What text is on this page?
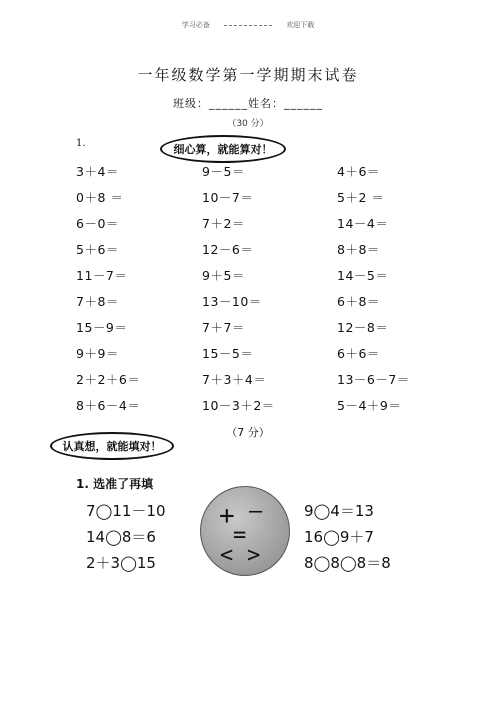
学习必备	欢迎下载
一年级数学第一学期期末试卷
班级：______姓名：______
（30 分）
1.	细心算，就能算对！
3＋4＝
0＋8 ＝
6－0＝
5＋6＝
11－7＝
7＋8＝
15－9＝
9＋9＝
2＋2＋6＝
8＋6－4＝
9－5＝
10－7＝
7＋2＝
12－6＝
9＋5＝
13－10＝
7＋7＝
15－5＝
7＋3＋4＝
10－3＋2＝
4＋6＝
5＋2 ＝
14－4＝
8＋8＝
14－5＝
6＋8＝
12－8＝
6＋6＝
13－6－7＝
5－4＋9＝
（7 分）
认真想，就能填对！
1. 选准了再填
7◯11－10
14◯8＝6
2＋3◯15
+ –
=
< >
9◯4＝13
16◯9＋7
8◯8◯8＝8
